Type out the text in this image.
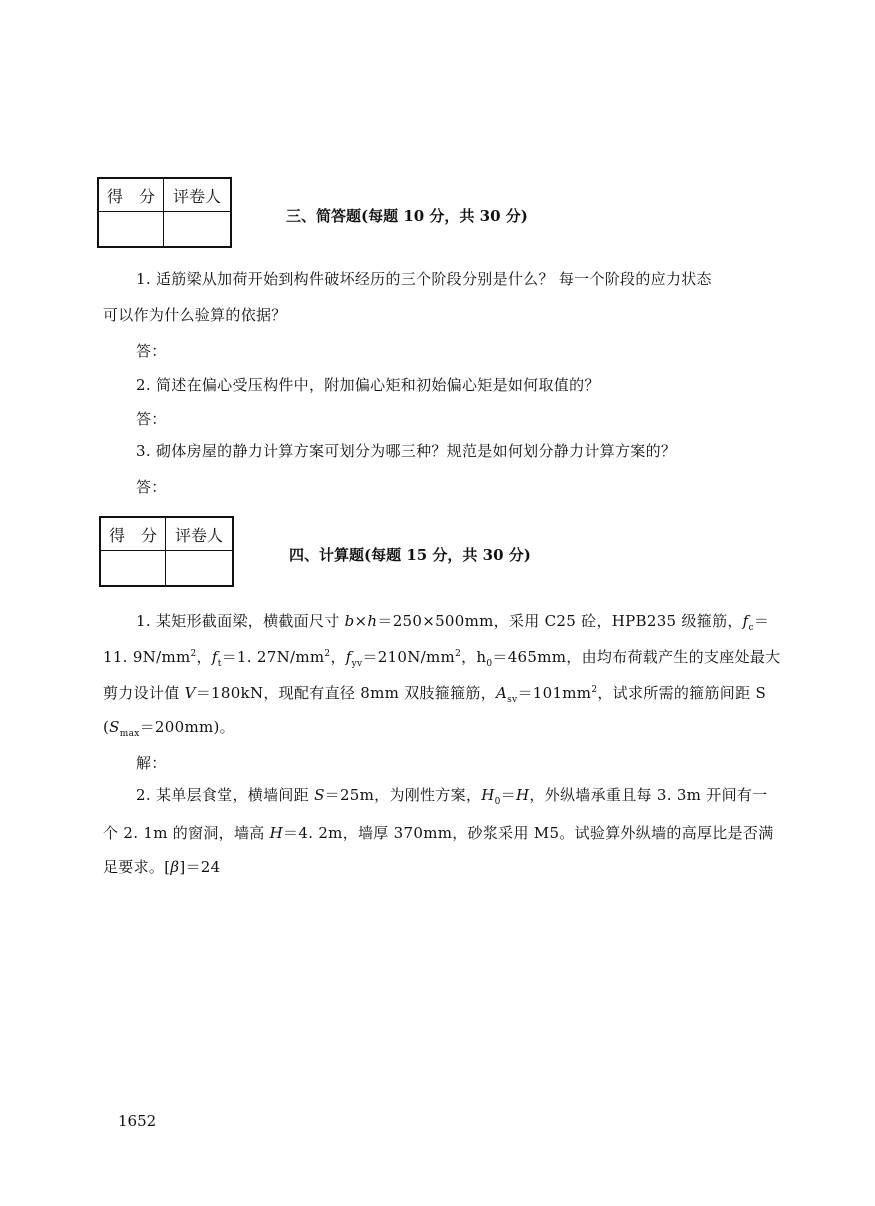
得　分	评卷人

三、简答题(每题 10 分，共 30 分)
1. 适筋梁从加荷开始到构件破坏经历的三个阶段分别是什么？ 每一个阶段的应力状态
可以作为什么验算的依据？
答：
2. 简述在偏心受压构件中，附加偏心矩和初始偏心矩是如何取值的？
答：
3. 砌体房屋的静力计算方案可划分为哪三种？规范是如何划分静力计算方案的？
答：
得　分	评卷人

四、计算题(每题 15 分，共 30 分)
1. 某矩形截面梁，横截面尺寸 b×h＝250×500mm，采用 C25 砼，HPB235 级箍筋，$f_c=$
11. $9N/mm^2$，$f_t=1$. $27N/mm^2$，$f_{yv}=210N/mm^2$，$h_0=465mm$，由均布荷载产生的支座处最大
剪力设计值 V＝180kN，现配有直径 8mm 双肢箍箍筋，$A_{sv}=101mm^2$，试求所需的箍筋间距 S
$(S_{max}=200mm)$。
解：
2. 某单层食堂，横墙间距 S＝25m，为刚性方案，$H_0=H$，外纵墙承重且每 3. 3m 开间有一
个 2. 1m 的窗洞，墙高 H＝4. 2m，墙厚 370mm，砂浆采用 M5。试验算外纵墙的高厚比是否满
足要求。[β]＝24
1652
